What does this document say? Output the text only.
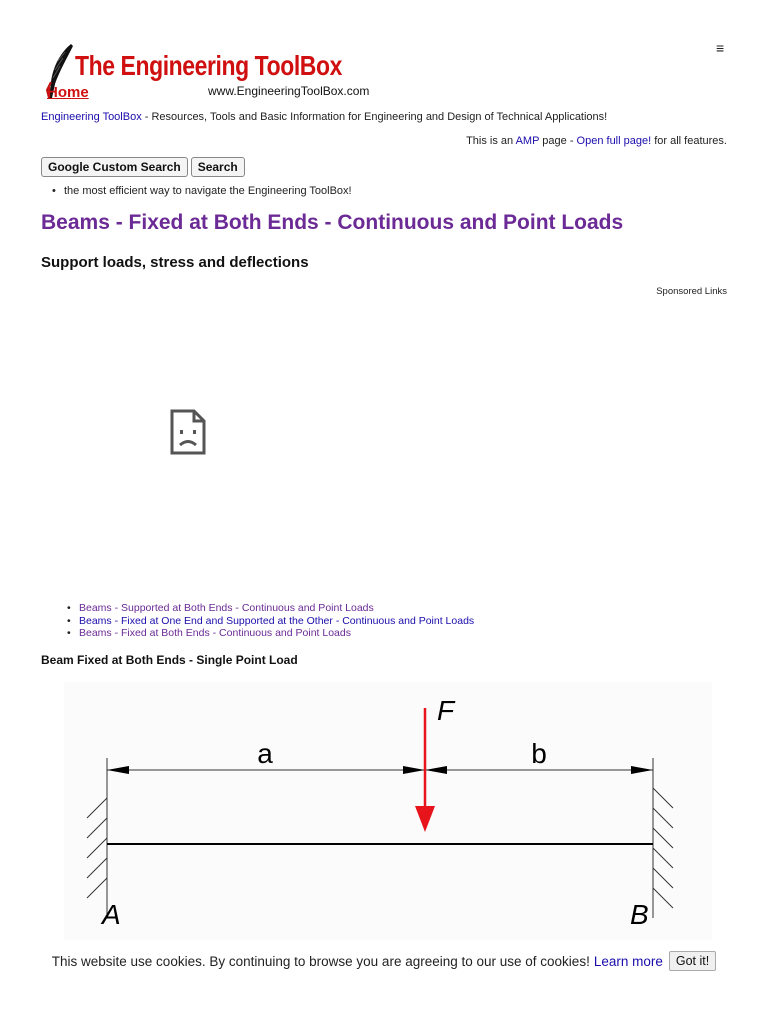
≡
The Engineering ToolBox
Home	www.EngineeringToolBox.com
Engineering ToolBox - Resources, Tools and Basic Information for Engineering and Design of Technical Applications!
This is an AMP page - Open full page! for all features.
Google Custom Search	Search
• the most efficient way to navigate the Engineering ToolBox!
Beams - Fixed at Both Ends - Continuous and Point Loads
Support loads, stress and deflections
Sponsored Links
• Beams - Supported at Both Ends - Continuous and Point Loads
• Beams - Fixed at One End and Supported at the Other - Continuous and Point Loads
• Beams - Fixed at Both Ends - Continuous and Point Loads
Beam Fixed at Both Ends - Single Point Load
F
a	b
A	B
This website use cookies. By continuing to browse you are agreeing to our use of cookies! Learn more	Got it!
